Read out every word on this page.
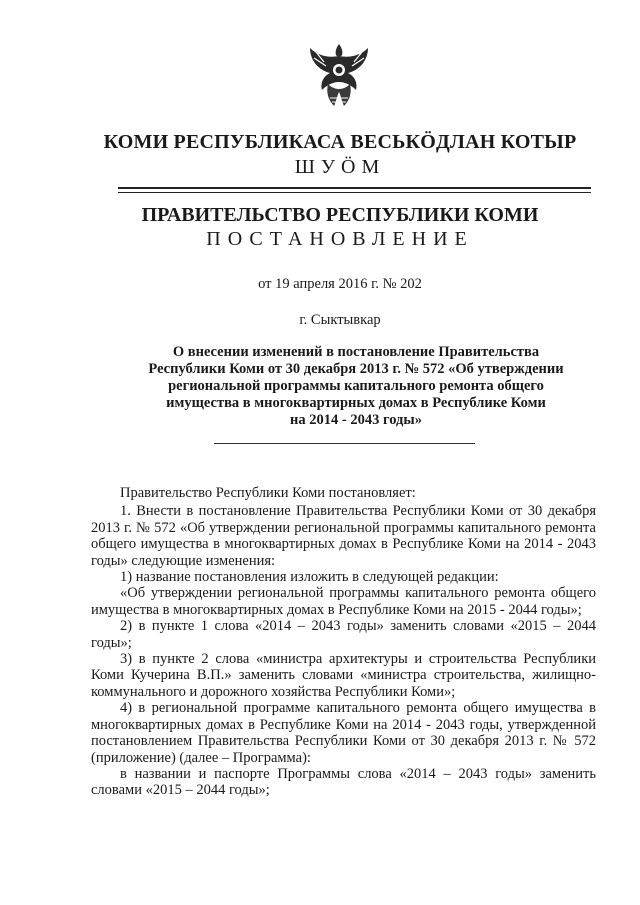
КОМИ РЕСПУБЛИКАСА ВЕСЬКӦДЛАН КОТЫР
ШУӦМ
ПРАВИТЕЛЬСТВО РЕСПУБЛИКИ КОМИ
ПОСТАНОВЛЕНИЕ
от 19 апреля 2016 г. № 202
г. Сыктывкар
О внесении изменений в постановление Правительства
Республики Коми от 30 декабря 2013 г. № 572 «Об утверждении
региональной программы капитального ремонта общего
имущества в многоквартирных домах в Республике Коми
на 2014 - 2043 годы»

Правительство Республики Коми постановляет:

1. Внести в постановление Правительства Республики Коми от 30 декабря 2013 г. № 572 «Об утверждении региональной программы капитального ремонта общего имущества в многоквартирных домах в Республике Коми на 2014 - 2043 годы» следующие изменения:

1) название постановления изложить в следующей редакции:

«Об утверждении региональной программы капитального ремонта общего имущества в многоквартирных домах в Республике Коми на 2015 - 2044 годы»;

2) в пункте 1 слова «2014 – 2043 годы» заменить словами «2015 – 2044 годы»;

3) в пункте 2 слова «министра архитектуры и строительства Республики Коми Кучерина В.П.» заменить словами «министра строительства, жилищно-коммунального и дорожного хозяйства Республики Коми»;

4) в региональной программе капитального ремонта общего имущества в многоквартирных домах в Республике Коми на 2014 - 2043 годы, утвержденной постановлением Правительства Республики Коми от 30 декабря 2013 г. № 572 (приложение) (далее – Программа):

в названии и паспорте Программы слова «2014 – 2043 годы» заменить словами «2015 – 2044 годы»;
